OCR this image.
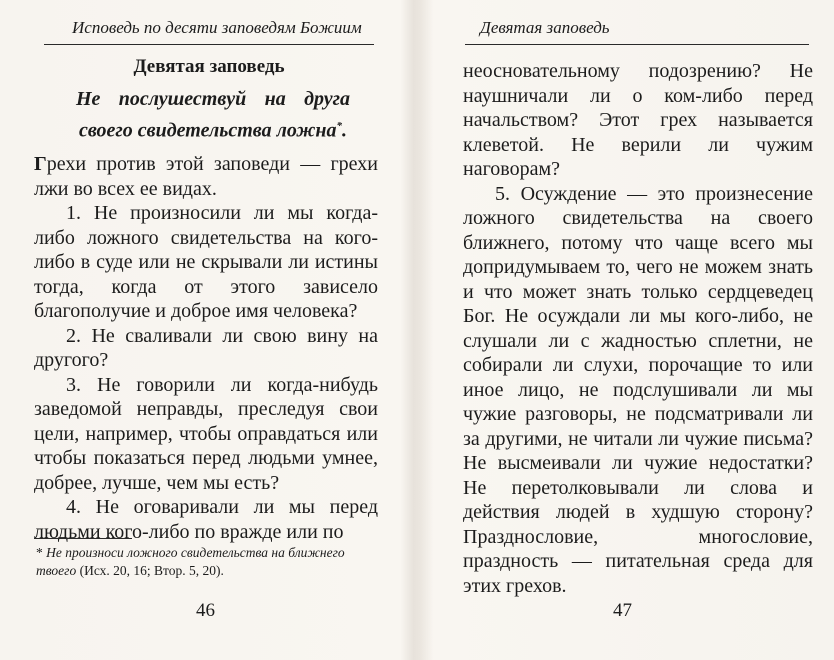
Исповедь по десяти заповедям Божиим
Девятая заповедь
Не послушествуй на друга своего свидетельства ложна*.

Грехи против этой заповеди — грехи лжи во всех ее видах.

1. Не произносили ли мы когда-либо ложного свидетельства на кого-либо в суде или не скрывали ли истины тогда, когда от этого зависело благополучие и доброе имя человека?

2. Не сваливали ли свою вину на другого?

3. Не говорили ли когда-нибудь заведомой неправды, преследуя свои цели, например, чтобы оправдаться или чтобы показаться перед людьми умнее, добрее, лучше, чем мы есть?

4. Не оговаривали ли мы перед людьми кого-либо по вражде или по

* Не произноси ложного свидетельства на ближнего твоего (Исх. 20, 16; Втор. 5, 20).
46
Девятая заповедь

неосновательному подозрению? Не наушничали ли о ком-либо перед начальством? Этот грех называется клеветой. Не верили ли чужим наговорам?

5. Осуждение — это произнесение ложного свидетельства на своего ближнего, потому что чаще всего мы допридумываем то, чего не можем знать и что может знать только сердцеведец Бог. Не осуждали ли мы кого-либо, не слушали ли с жадностью сплетни, не собирали ли слухи, порочащие то или иное лицо, не подслушивали ли мы чужие разговоры, не подсматривали ли за другими, не читали ли чужие письма? Не высмеивали ли чужие недостатки? Не перетолковывали ли слова и действия людей в худшую сторону? Празднословие, многословие, праздность — питательная среда для этих грехов.

47
